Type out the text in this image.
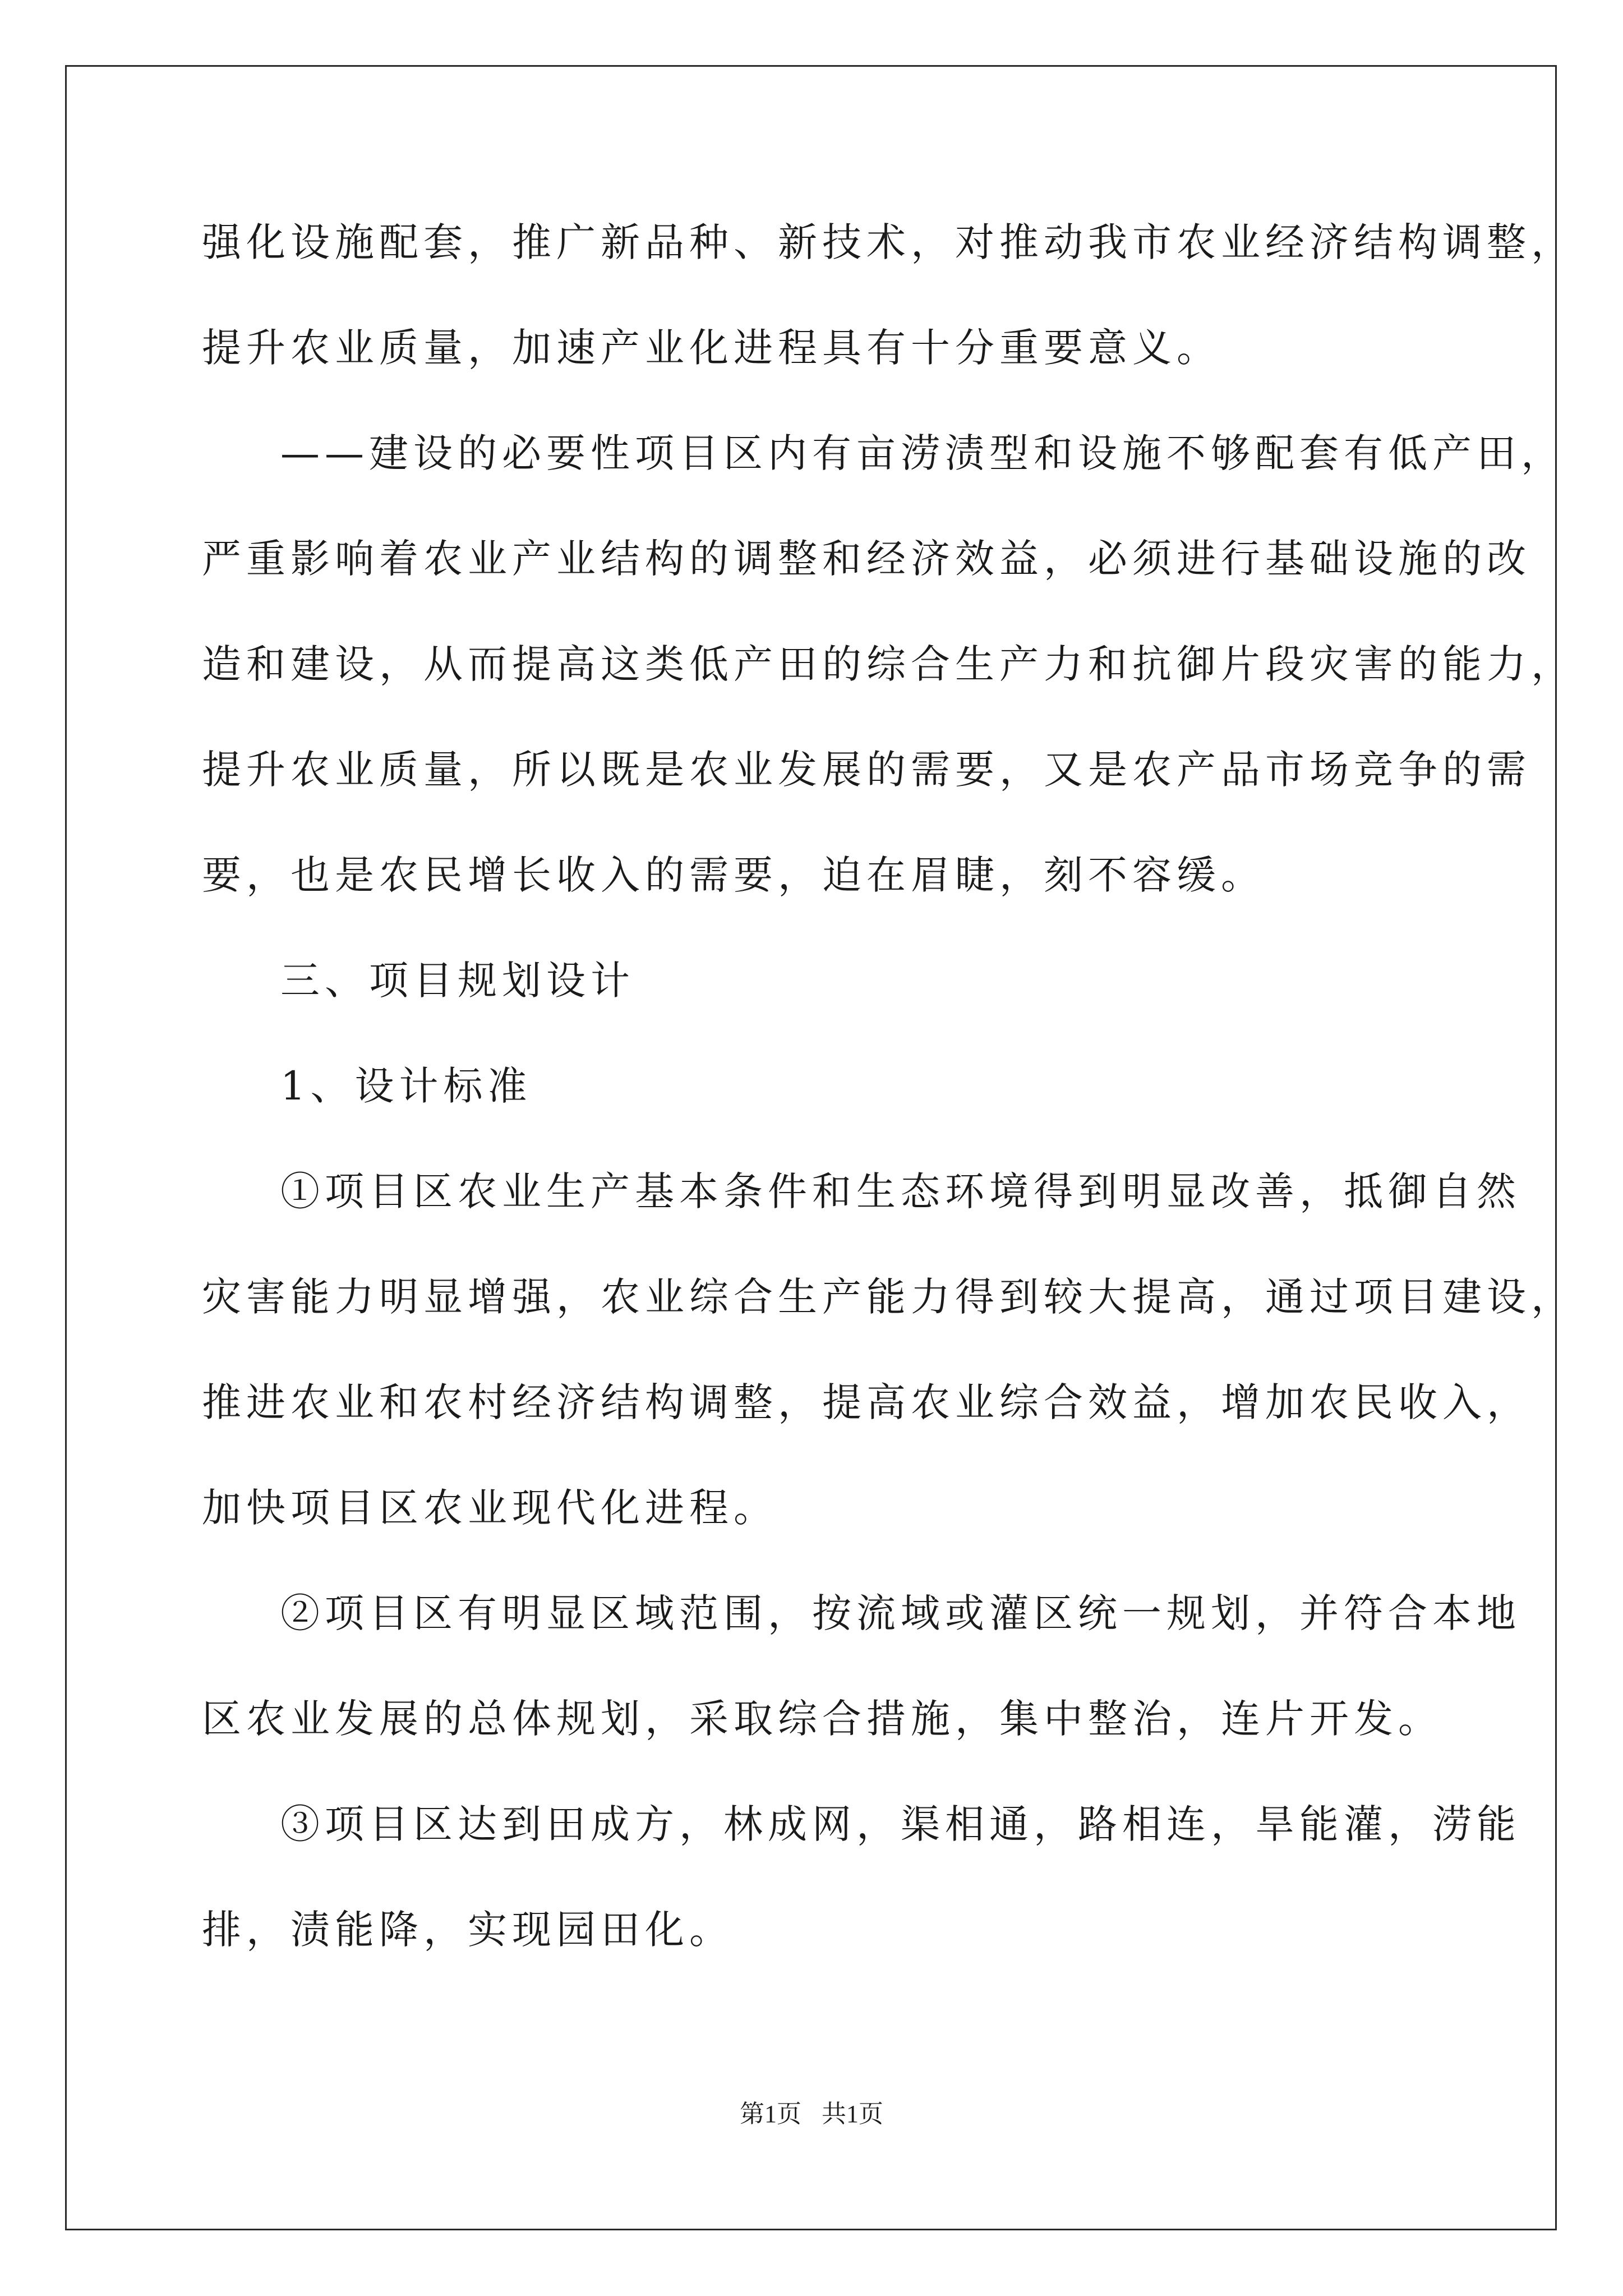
强化设施配套，推广新品种、新技术，对推动我市农业经济结构调整，
提升农业质量，加速产业化进程具有十分重要意义。
——建设的必要性项目区内有亩涝渍型和设施不够配套有低产田，
严重影响着农业产业结构的调整和经济效益，必须进行基础设施的改
造和建设，从而提高这类低产田的综合生产力和抗御片段灾害的能力，
提升农业质量，所以既是农业发展的需要，又是农产品市场竞争的需
要，也是农民增长收入的需要，迫在眉睫，刻不容缓。
三、项目规划设计
1、设计标准
①项目区农业生产基本条件和生态环境得到明显改善，抵御自然
灾害能力明显增强，农业综合生产能力得到较大提高，通过项目建设，
推进农业和农村经济结构调整，提高农业综合效益，增加农民收入，
加快项目区农业现代化进程。
②项目区有明显区域范围，按流域或灌区统一规划，并符合本地
区农业发展的总体规划，采取综合措施，集中整治，连片开发。
③项目区达到田成方，林成网，渠相通，路相连，旱能灌，涝能
排，渍能降，实现园田化。
第1页 共1页
